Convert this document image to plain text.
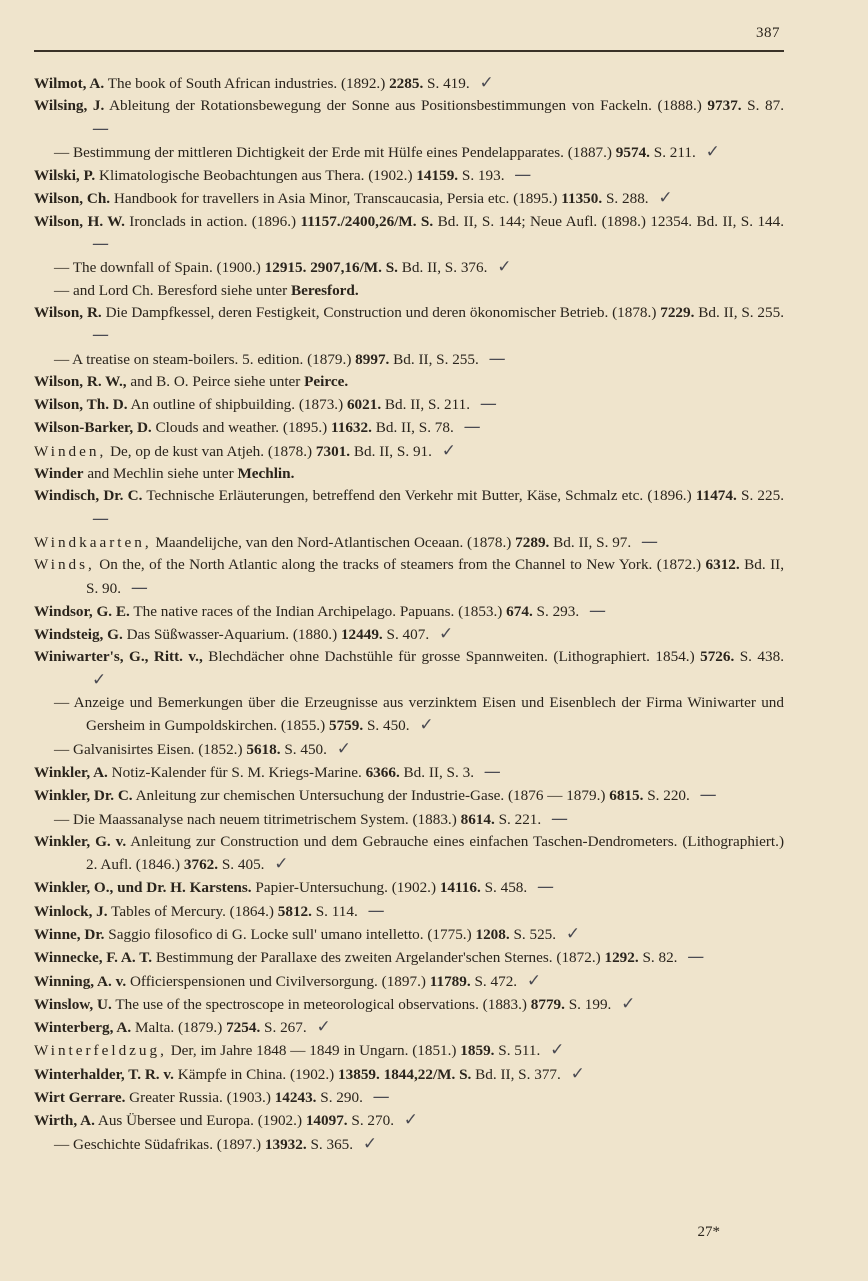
387
Wilmot, A. The book of South African industries. (1892.) 2285. S. 419. ✓
Wilsing, J. Ableitung der Rotationsbewegung der Sonne aus Positionsbestimmungen von Fackeln. (1888.) 9737. S. 87. —
— Bestimmung der mittleren Dichtigkeit der Erde mit Hülfe eines Pendelapparates. (1887.) 9574. S. 211. ✓
Wilski, P. Klimatologische Beobachtungen aus Thera. (1902.) 14159. S. 193. —
Wilson, Ch. Handbook for travellers in Asia Minor, Transcaucasia, Persia etc. (1895.) 11350. S. 288. ✓
Wilson, H. W. Ironclads in action. (1896.) 11157./2400,26/M. S. Bd. II, S. 144; Neue Aufl. (1898.) 12354. Bd. II, S. 144. —
— The downfall of Spain. (1900.) 12915. 2907,16/M. S. Bd. II, S. 376. ✓
— and Lord Ch. Beresford siehe unter Beresford.
Wilson, R. Die Dampfkessel, deren Festigkeit, Construction und deren ökonomischer Betrieb. (1878.) 7229. Bd. II, S. 255. —
— A treatise on steam-boilers. 5. edition. (1879.) 8997. Bd. II, S. 255. —
Wilson, R. W., and B. O. Peirce siehe unter Peirce.
Wilson, Th. D. An outline of shipbuilding. (1873.) 6021. Bd. II, S. 211. —
Wilson-Barker, D. Clouds and weather. (1895.) 11632. Bd. II, S. 78. —
Winden, De, op de kust van Atjeh. (1878.) 7301. Bd. II, S. 91. ✓
Winder and Mechlin siehe unter Mechlin.
Windisch, Dr. C. Technische Erläuterungen, betreffend den Verkehr mit Butter, Käse, Schmalz etc. (1896.) 11474. S. 225. —
Windkaarten, Maandelijche, van den Nord-Atlantischen Oceaan. (1878.) 7289. Bd. II, S. 97. —
Winds, On the, of the North Atlantic along the tracks of steamers from the Channel to New York. (1872.) 6312. Bd. II, S. 90. —
Windsor, G. E. The native races of the Indian Archipelago. Papuans. (1853.) 674. S. 293. —
Windsteig, G. Das Süßwasser-Aquarium. (1880.) 12449. S. 407. ✓
Winiwarter's, G., Ritt. v., Blechdächer ohne Dachstühle für grosse Spannweiten. (Lithographiert. 1854.) 5726. S. 438. ✓
— Anzeige und Bemerkungen über die Erzeugnisse aus verzinktem Eisen und Eisenblech der Firma Winiwarter und Gersheim in Gumpoldskirchen. (1855.) 5759. S. 450. ✓
— Galvanisirtes Eisen. (1852.) 5618. S. 450. ✓
Winkler, A. Notiz-Kalender für S. M. Kriegs-Marine. 6366. Bd. II, S. 3. —
Winkler, Dr. C. Anleitung zur chemischen Untersuchung der Industrie-Gase. (1876 — 1879.) 6815. S. 220. —
— Die Maassanalyse nach neuem titrimetrischem System. (1883.) 8614. S. 221. —
Winkler, G. v. Anleitung zur Construction und dem Gebrauche eines einfachen Taschen-Dendrometers. (Lithographiert.) 2. Aufl. (1846.) 3762. S. 405. ✓
Winkler, O., und Dr. H. Karstens. Papier-Untersuchung. (1902.) 14116. S. 458. —
Winlock, J. Tables of Mercury. (1864.) 5812. S. 114. —
Winne, Dr. Saggio filosofico di G. Locke sull' umano intelletto. (1775.) 1208. S. 525. ✓
Winnecke, F. A. T. Bestimmung der Parallaxe des zweiten Argelander'schen Sternes. (1872.) 1292. S. 82. —
Winning, A. v. Officierspensionen und Civilversorgung. (1897.) 11789. S. 472. ✓
Winslow, U. The use of the spectroscope in meteorological observations. (1883.) 8779. S. 199. ✓
Winterberg, A. Malta. (1879.) 7254. S. 267. ✓
Winterfeldzug, Der, im Jahre 1848 — 1849 in Ungarn. (1851.) 1859. S. 511. ✓
Winterhalder, T. R. v. Kämpfe in China. (1902.) 13859. 1844,22/M. S. Bd. II, S. 377. ✓
Wirt Gerrare. Greater Russia. (1903.) 14243. S. 290. —
Wirth, A. Aus Übersee und Europa. (1902.) 14097. S. 270. ✓
— Geschichte Südafrikas. (1897.) 13932. S. 365. ✓
27*
